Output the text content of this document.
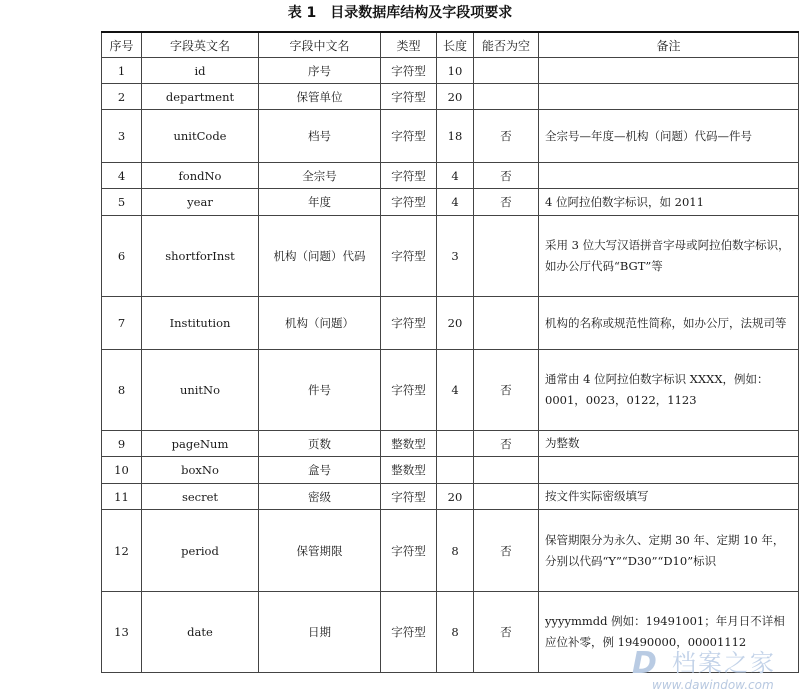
表 1　目录数据库结构及字段项要求
序号	字段英文名	字段中文名	类型	长度	能否为空	备注
1	id	序号	字符型	10		
2	department	保管单位	字符型	20		
3	unitCode	档号	字符型	18	否	全宗号—年度—机构（问题）代码—件号
4	fondNo	全宗号	字符型	4	否	
5	year	年度	字符型	4	否	4 位阿拉伯数字标识，如 2011
6	shortforInst	机构（问题）代码	字符型	3		采用 3 位大写汉语拼音字母或阿拉伯数字标识，如办公厅代码“BGT”等
7	Institution	机构（问题）	字符型	20		机构的名称或规范性简称，如办公厅，法规司等
8	unitNo	件号	字符型	4	否	通常由 4 位阿拉伯数字标识 XXXX，例如：0001，0023，0122，1123
9	pageNum	页数	整数型		否	为整数
10	boxNo	盒号	整数型			
11	secret	密级	字符型	20		按文件实际密级填写
12	period	保管期限	字符型	8	否	保管期限分为永久、定期 30 年、定期 10 年，分别以代码“Y”“D30”“D10”标识
13	date	日期	字符型	8	否	yyyymmdd 例如：19491001；年月日不详相应位补零，例 19490000，00001112
D 档案之家
www.dawindow.com
